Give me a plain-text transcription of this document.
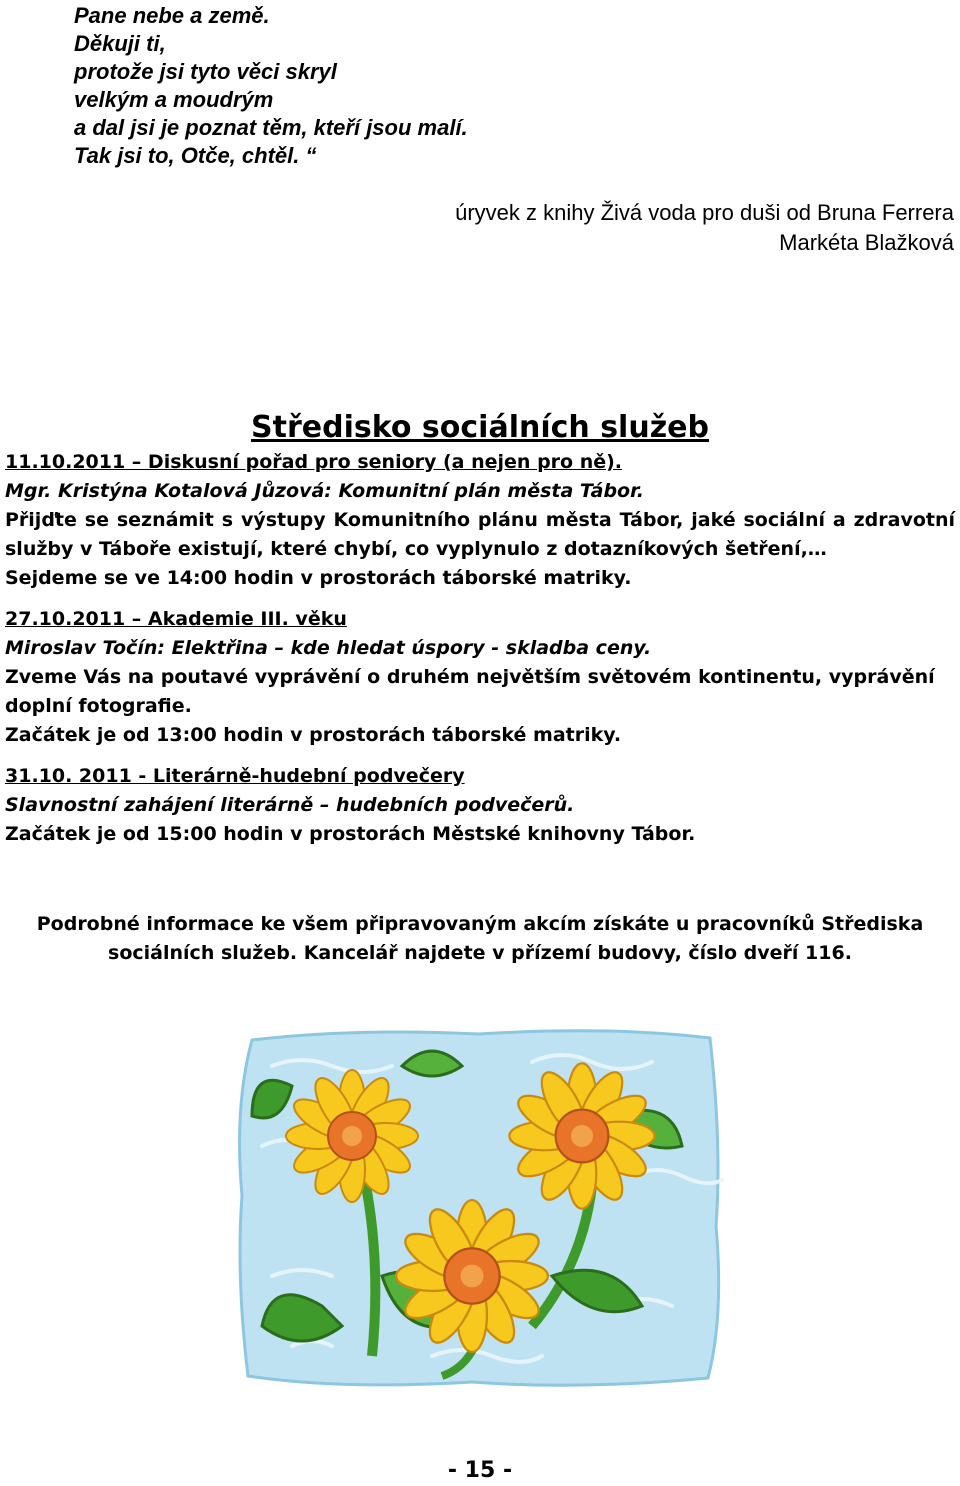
Pane nebe a země.
Děkuji ti,
protože jsi tyto věci skryl
velkým a moudrým
a dal jsi je poznat těm, kteří jsou malí.
Tak jsi to, Otče, chtěl. “
úryvek z knihy Živá voda pro duši od Bruna Ferrera
Markéta Blažková
Středisko sociálních služeb

11.10.2011 – Diskusní pořad pro seniory (a nejen pro ně).

Mgr. Kristýna Kotalová Jůzová: Komunitní plán města Tábor.

Přijďte se seznámit s výstupy Komunitního plánu města Tábor, jaké sociální a zdravotní služby v Táboře existují, které chybí, co vyplynulo z dotazníkových šetření,…

Sejdeme se ve 14:00 hodin v prostorách táborské matriky.

27.10.2011 – Akademie III. věku

Miroslav Točín: Elektřina – kde hledat úspory - skladba ceny.

Zveme Vás na poutavé vyprávění o druhém největším světovém kontinentu, vyprávění doplní fotografie.

Začátek je od 13:00 hodin v prostorách táborské matriky.

31.10. 2011 - Literárně-hudební podvečery

Slavnostní zahájení literárně – hudebních podvečerů.

Začátek je od 15:00 hodin v prostorách Městské knihovny Tábor.

Podrobné informace ke všem připravovaným akcím získáte u pracovníků Střediska sociálních služeb. Kancelář najdete v přízemí budovy, číslo dveří 116.
- 15 -
